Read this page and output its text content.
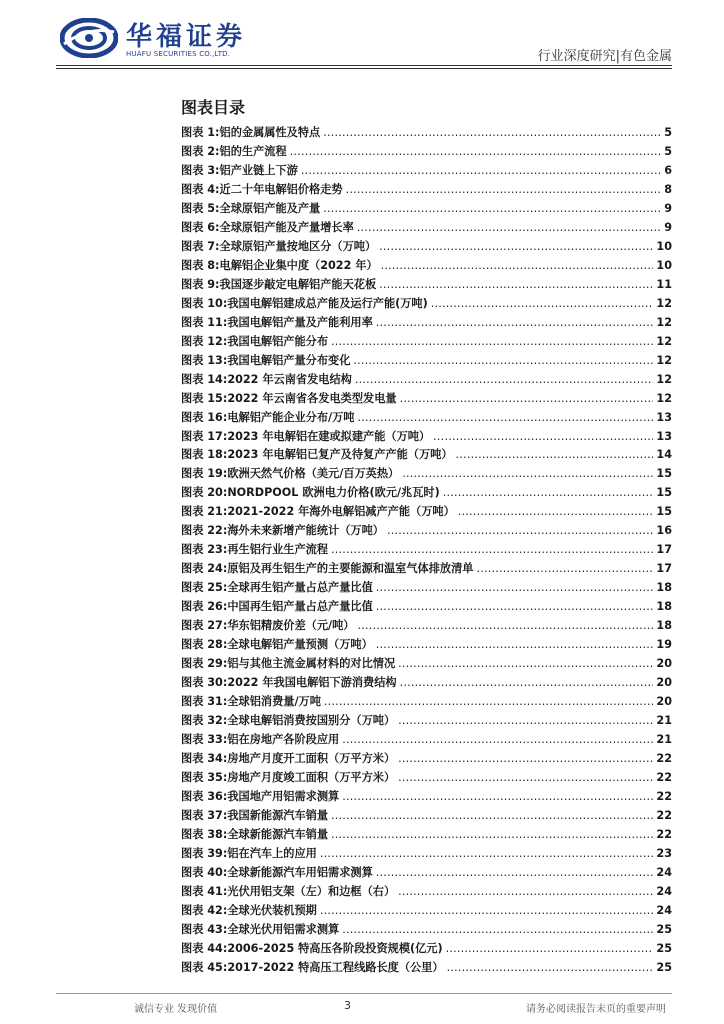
华福证券
HUAFU SECURITIES CO.,LTD.	行业深度研究|有色金属
图表目录
图表 1: 铝的金属属性及特点 .....	5
图表 2: 铝的生产流程 .....	5
图表 3: 铝产业链上下游 .....	6
图表 4: 近二十年电解铝价格走势 .....	8
图表 5: 全球原铝产能及产量 .....	9
图表 6: 全球原铝产能及产量增长率 .....	9
图表 7: 全球原铝产量按地区分（万吨） .....	10
图表 8: 电解铝企业集中度（2022 年） .....	10
图表 9: 我国逐步敲定电解铝产能天花板 .....	11
图表 10: 我国电解铝建成总产能及运行产能(万吨) .....	12
图表 11: 我国电解铝产量及产能利用率 .....	12
图表 12: 我国电解铝产能分布 .....	12
图表 13: 我国电解铝产量分布变化 .....	12
图表 14: 2022 年云南省发电结构 .....	12
图表 15: 2022 年云南省各发电类型发电量 .....	12
图表 16: 电解铝产能企业分布/万吨 .....	13
图表 17: 2023 年电解铝在建或拟建产能（万吨） .....	13
图表 18: 2023 年电解铝已复产及待复产产能（万吨） .....	14
图表 19: 欧洲天然气价格（美元/百万英热） .....	15
图表 20: NORDPOOL 欧洲电力价格(欧元/兆瓦时) .....	15
图表 21: 2021-2022 年海外电解铝减产产能（万吨） .....	15
图表 22: 海外未来新增产能统计（万吨） .....	16
图表 23: 再生铝行业生产流程 .....	17
图表 24: 原铝及再生铝生产的主要能源和温室气体排放清单 .....	17
图表 25: 全球再生铝产量占总产量比值 .....	18
图表 26: 中国再生铝产量占总产量比值 .....	18
图表 27: 华东铝精废价差（元/吨） .....	18
图表 28: 全球电解铝产量预测（万吨） .....	19
图表 29: 铝与其他主流金属材料的对比情况 .....	20
图表 30: 2022 年我国电解铝下游消费结构 .....	20
图表 31: 全球铝消费量/万吨 .....	20
图表 32: 全球电解铝消费按国别分（万吨） .....	21
图表 33: 铝在房地产各阶段应用 .....	21
图表 34: 房地产月度开工面积（万平方米） .....	22
图表 35: 房地产月度竣工面积（万平方米） .....	22
图表 36: 我国地产用铝需求测算 .....	22
图表 37: 我国新能源汽车销量 .....	22
图表 38: 全球新能源汽车销量 .....	22
图表 39: 铝在汽车上的应用 .....	23
图表 40: 全球新能源汽车用铝需求测算 .....	24
图表 41: 光伏用铝支架（左）和边框（右） .....	24
图表 42: 全球光伏装机预期 .....	24
图表 43: 全球光伏用铝需求测算 .....	25
图表 44: 2006-2025 特高压各阶段投资规模(亿元) .....	25
图表 45: 2017-2022 特高压工程线路长度（公里） .....	25
诚信专业 发现价值	3	请务必阅读报告末页的重要声明
